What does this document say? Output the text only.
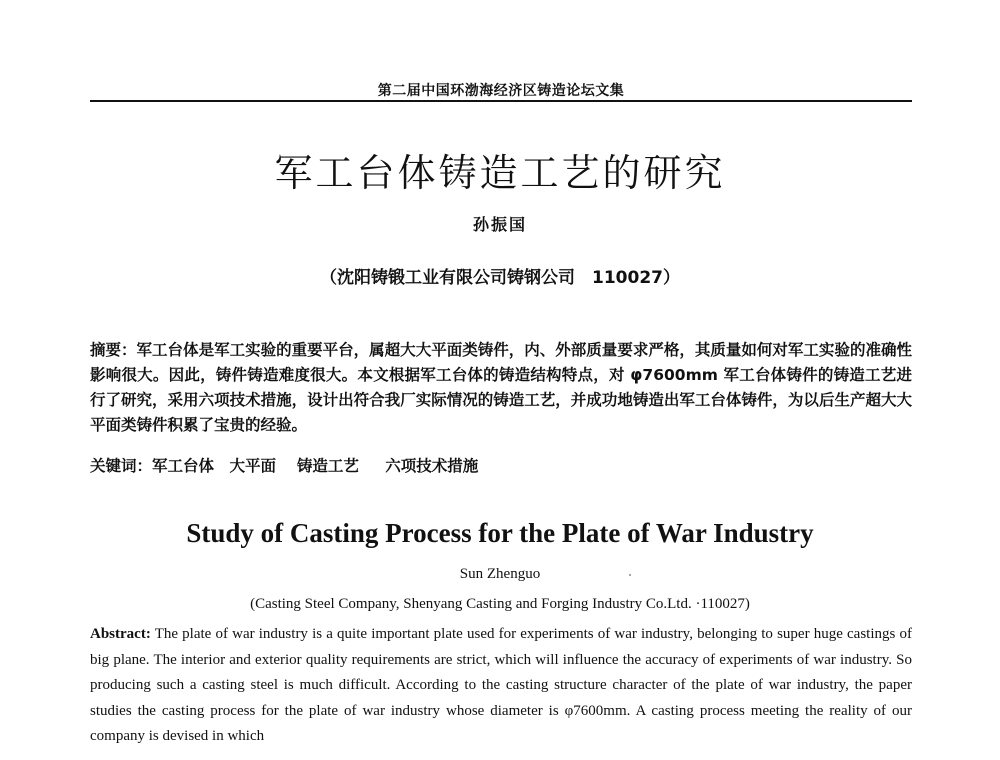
第二届中国环渤海经济区铸造论坛文集
军工台体铸造工艺的研究
孙振国
（沈阳铸锻工业有限公司铸钢公司　110027）
摘要：军工台体是军工实验的重要平台，属超大大平面类铸件，内、外部质量要求严格，其质量如何对军工实验的准确性影响很大。因此，铸件铸造难度很大。本文根据军工台体的铸造结构特点，对 φ7600mm 军工台体铸件的铸造工艺进行了研究，采用六项技术措施，设计出符合我厂实际情况的铸造工艺，并成功地铸造出军工台体铸件，为以后生产超大大平面类铸件积累了宝贵的经验。
关键词：军工台体　大平面　 铸造工艺 　 六项技术措施
Study of Casting Process for the Plate of War Industry
Sun Zhenguo
(Casting Steel Company, Shenyang Casting and Forging Industry Co.Ltd. ·110027)
Abstract: The plate of war industry is a quite important plate used for experiments of war industry, belonging to super huge castings of big plane. The interior and exterior quality requirements are strict, which will influence the accuracy of experiments of war industry. So producing such a casting steel is much difficult. According to the casting structure character of the plate of war industry, the paper studies the casting process for the plate of war industry whose diameter is φ7600mm. A casting process meeting the reality of our company is devised in which
